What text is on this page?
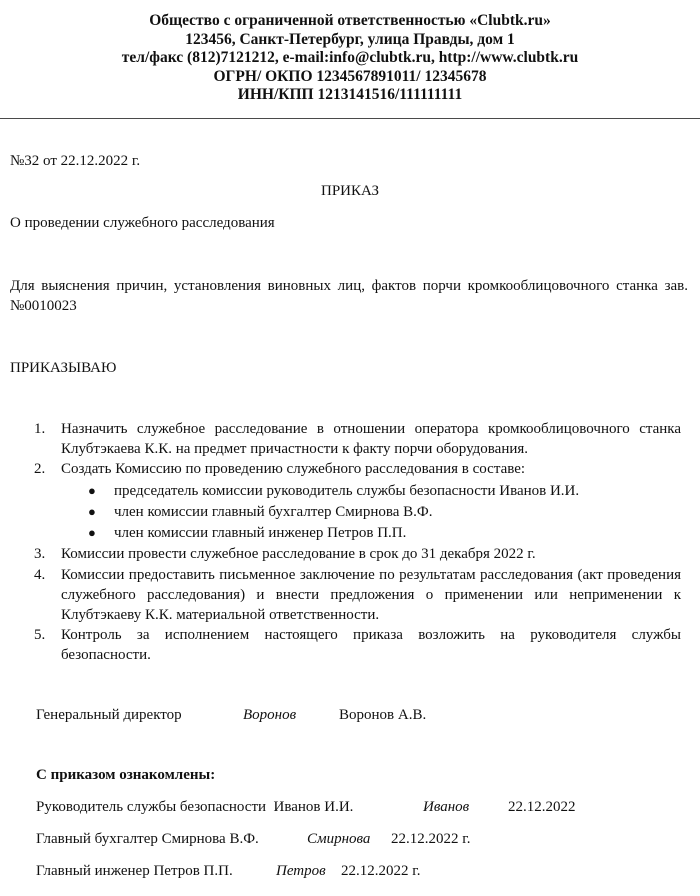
Общество с ограниченной ответственностью «Clubtk.ru»
123456, Санкт-Петербург, улица Правды, дом 1
тел/факс (812)7121212, e-mail:info@clubtk.ru, http://www.clubtk.ru
ОГРН/ ОКПО 1234567891011/ 12345678
ИНН/КПП 1213141516/111111111
№32 от 22.12.2022 г.
ПРИКАЗ
О проведении служебного расследования
Для выяснения причин, установления виновных лиц, фактов порчи кромкооблицовочного станка зав.№0010023
ПРИКАЗЫВАЮ
1. Назначить служебное расследование в отношении оператора кромкооблицовочного станка Клубтэкаева К.К. на предмет причастности к факту порчи оборудования.
2. Создать Комиссию по проведению служебного расследования в составе:
● председатель комиссии руководитель службы безопасности Иванов И.И.
● член комиссии главный бухгалтер Смирнова В.Ф.
● член комиссии главный инженер Петров П.П.
3. Комиссии провести служебное расследование в срок до 31 декабря 2022 г.
4. Комиссии предоставить письменное заключение по результатам расследования (акт проведения служебного расследования) и внести предложения о применении или неприменении к Клубтэкаеву К.К. материальной ответственности.
5. Контроль за исполнением настоящего приказа возложить на руководителя службы безопасности.
Генеральный директор	Воронов	Воронов А.В.
С приказом ознакомлены:
Руководитель службы безопасности  Иванов И.И.	Иванов	22.12.2022
Главный бухгалтер Смирнова В.Ф.	Смирнова 22.12.2022 г.
Главный инженер Петров П.П.	Петров 22.12.2022 г.
